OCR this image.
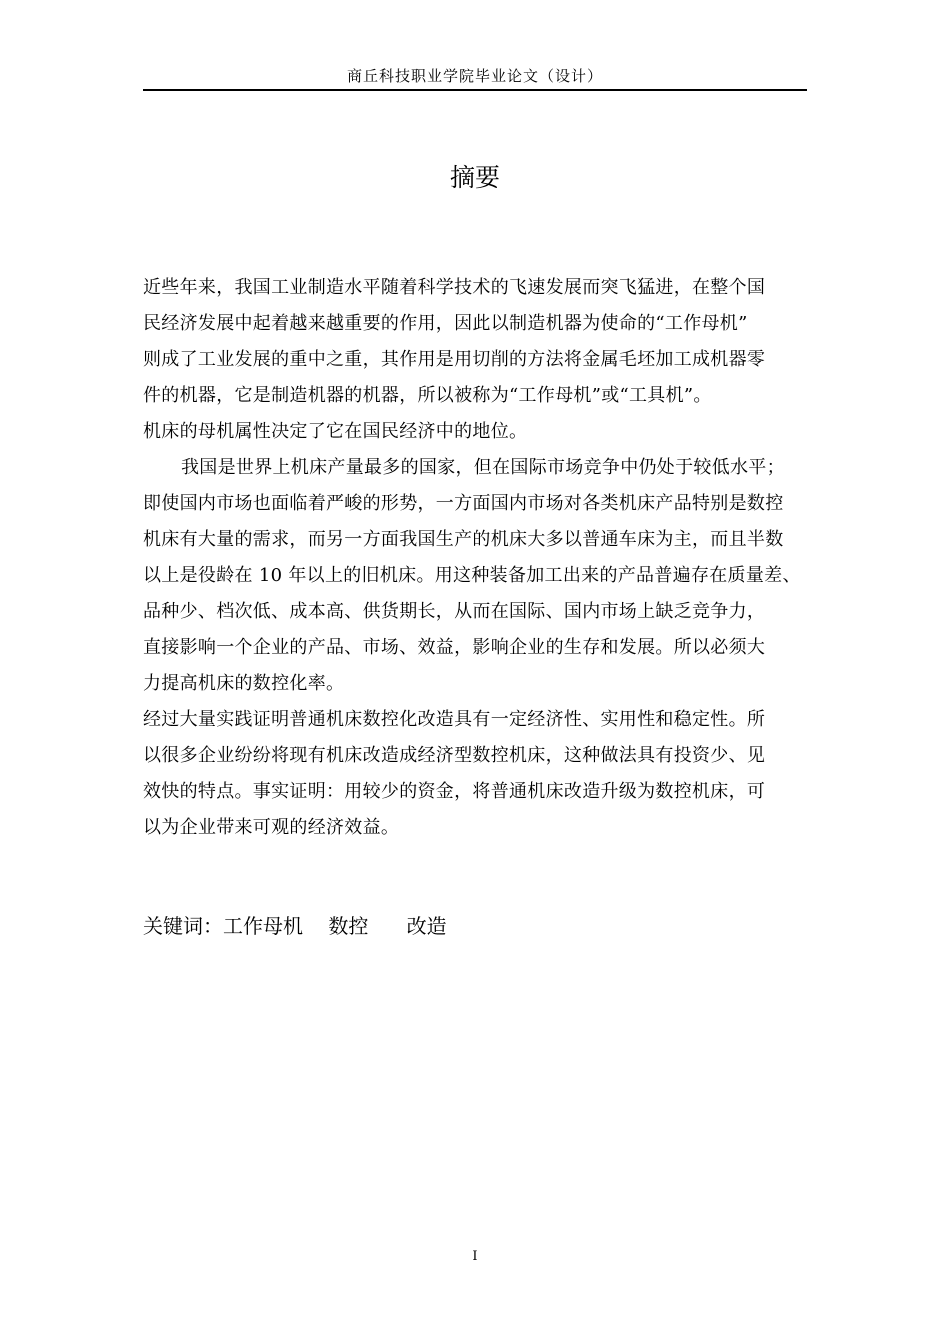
商丘科技职业学院毕业论文（设计）
摘要
近些年来，我国工业制造水平随着科学技术的飞速发展而突飞猛进，在整个国
民经济发展中起着越来越重要的作用，因此以制造机器为使命的“工作母机”
则成了工业发展的重中之重，其作用是用切削的方法将金属毛坯加工成机器零
件的机器，它是制造机器的机器，所以被称为“工作母机”或“工具机”。
机床的母机属性决定了它在国民经济中的地位。
我国是世界上机床产量最多的国家，但在国际市场竞争中仍处于较低水平；
即使国内市场也面临着严峻的形势，一方面国内市场对各类机床产品特别是数控
机床有大量的需求，而另一方面我国生产的机床大多以普通车床为主，而且半数
以上是役龄在 10 年以上的旧机床。用这种装备加工出来的产品普遍存在质量差、
品种少、档次低、成本高、供货期长，从而在国际、国内市场上缺乏竞争力，
直接影响一个企业的产品、市场、效益，影响企业的生存和发展。所以必须大
力提高机床的数控化率。
经过大量实践证明普通机床数控化改造具有一定经济性、实用性和稳定性。所
以很多企业纷纷将现有机床改造成经济型数控机床，这种做法具有投资少、见
效快的特点。事实证明：用较少的资金，将普通机床改造升级为数控机床，可
以为企业带来可观的经济效益。
关键词：工作母机    数控      改造
I
